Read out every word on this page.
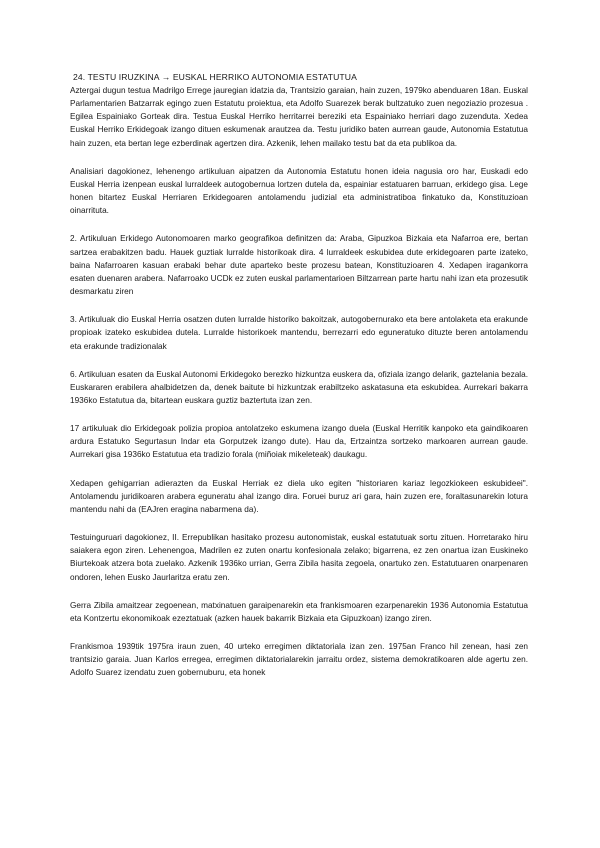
24. TESTU IRUZKINA → EUSKAL HERRIKO AUTONOMIA ESTATUTUA

Aztergai dugun testua Madrilgo Errege jauregian idatzia da, Trantsizio garaian, hain zuzen, 1979ko abenduaren 18an. Euskal Parlamentarien Batzarrak egingo zuen Estatutu proiektua, eta Adolfo Suarezek berak bultzatuko zuen negoziazio prozesua . Egilea Espainiako Gorteak dira. Testua Euskal Herriko herritarrei bereziki eta Espainiako herriari dago zuzenduta. Xedea Euskal Herriko Erkidegoak izango dituen eskumenak arautzea da. Testu juridiko baten aurrean gaude, Autonomia Estatutua hain zuzen, eta bertan lege ezberdinak agertzen dira. Azkenik, lehen mailako testu bat da eta publikoa da.

Analisiari dagokionez, lehenengo artikuluan aipatzen da Autonomia Estatutu honen ideia nagusia oro har, Euskadi edo Euskal Herria izenpean euskal lurraldeek autogobernua lortzen dutela da, espainiar estatuaren barruan, erkidego gisa. Lege honen bitartez Euskal Herriaren Erkidegoaren antolamendu judizial eta administratiboa finkatuko da, Konstituzioan oinarrituta.

2. Artikuluan Erkidego Autonomoaren marko geografikoa definitzen da: Araba, Gipuzkoa Bizkaia eta Nafarroa ere, bertan sartzea erabakitzen badu. Hauek guztiak lurralde historikoak dira. 4 lurraldeek eskubidea dute erkidegoaren parte izateko, baina Nafarroaren kasuan erabaki behar dute aparteko beste prozesu batean, Konstituzioaren 4. Xedapen iragankorra esaten duenaren arabera. Nafarroako UCDk ez zuten euskal parlamentarioen Biltzarrean parte hartu nahi izan eta prozesutik desmarkatu ziren

3. Artikuluak dio Euskal Herria osatzen duten lurralde historiko bakoitzak, autogobernurako eta bere antolaketa eta erakunde propioak izateko eskubidea dutela. Lurralde historikoek mantendu, berrezarri edo eguneratuko dituzte beren antolamendu eta erakunde tradizionalak

6. Artikuluan esaten da Euskal Autonomi Erkidegoko berezko hizkuntza euskera da, ofiziala izango delarik, gaztelania bezala. Euskararen erabilera ahalbidetzen da, denek baitute bi hizkuntzak erabiltzeko askatasuna eta eskubidea. Aurrekari bakarra 1936ko Estatutua da, bitartean euskara guztiz baztertuta izan zen.

17 artikuluak dio Erkidegoak polizia propioa antolatzeko eskumena izango duela (Euskal Herritik kanpoko eta gaindikoaren ardura Estatuko Segurtasun Indar eta Gorputzek izango dute). Hau da, Ertzaintza sortzeko markoaren aurrean gaude. Aurrekari gisa 1936ko Estatutua eta tradizio forala (miñoiak mikeleteak) daukagu.

Xedapen gehigarrian adierazten da Euskal Herriak ez diela uko egiten "historiaren kariaz legozkiokeen eskubideei". Antolamendu juridikoaren arabera eguneratu ahal izango dira. Foruei buruz ari gara, hain zuzen ere, foraltasunarekin lotura mantendu nahi da (EAJren eragina nabarmena da).

Testuinguruari dagokionez, II. Errepublikan hasitako prozesu autonomistak, euskal estatutuak sortu zituen. Horretarako hiru saiakera egon ziren. Lehenengoa, Madrilen ez zuten onartu konfesionala zelako; bigarrena, ez zen onartua izan Euskineko Biurtekoak atzera bota zuelako. Azkenik 1936ko urrian, Gerra Zibila hasita zegoela, onartuko zen. Estatutuaren onarpenaren ondoren, lehen Eusko Jaurlaritza eratu zen.

Gerra Zibila amaitzear zegoenean, matxinatuen garaipenarekin eta frankismoaren ezarpenarekin 1936 Autonomia Estatutua eta Kontzertu ekonomikoak ezeztatuak (azken hauek bakarrik Bizkaia eta Gipuzkoan) izango ziren.

Frankismoa 1939tik 1975ra iraun zuen, 40 urteko erregimen diktatoriala izan zen. 1975an Franco hil zenean, hasi zen trantsizio garaia. Juan Karlos erregea, erregimen diktatorialarekin jarraitu ordez, sistema demokratikoaren alde agertu zen. Adolfo Suarez izendatu zuen gobernuburu, eta honek
